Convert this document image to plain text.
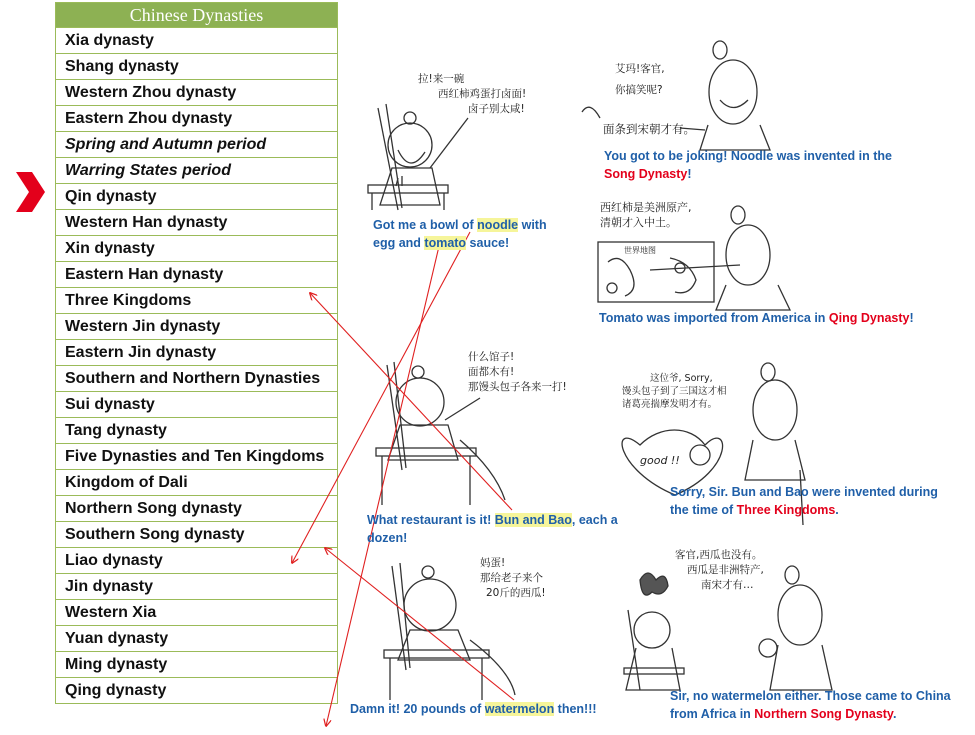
Chinese Dynasties
Xia dynasty
Shang dynasty
Western Zhou dynasty
Eastern Zhou dynasty
Spring and Autumn period
Warring States period
Qin dynasty
Western Han dynasty
Xin dynasty
Eastern Han dynasty
Three Kingdoms
Western Jin dynasty
Eastern Jin dynasty
Southern and Northern Dynasties
Sui dynasty
Tang dynasty
Five Dynasties and Ten Kingdoms
Kingdom of Dali
Northern Song dynasty
Southern Song dynasty
Liao dynasty
Jin dynasty
Western Xia
Yuan dynasty
Ming dynasty
Qing dynasty
拉!来一碗
西红柿鸡蛋打卤面!
卤子别太咸!
艾玛!客官,
你搞笑呢?
面条到宋朝才有。
西红柿是美洲原产,
清朝才入中土。
世界地图
什么馆子!
面都木有!
那馒头包子各来一打!
这位爷, Sorry,
馒头包子到了三国这才相
诸葛亮揣摩发明才有。
good !!
妈蛋!
那给老子来个
20斤的西瓜!
客官,西瓜也没有。
西瓜是非洲特产,
南宋才有…
Got me a bowl of noodle with egg and tomato sauce!
You got to be joking! Noodle was invented in the Song Dynasty!
Tomato was imported from America in Qing Dynasty!
What restaurant is it! Bun and Bao, each a dozen!
Sorry, Sir. Bun and Bao were invented during the time of Three Kingdoms.
Damn it! 20 pounds of watermelon then!!!
Sir, no watermelon either. Those came to China from Africa in Northern Song Dynasty.
